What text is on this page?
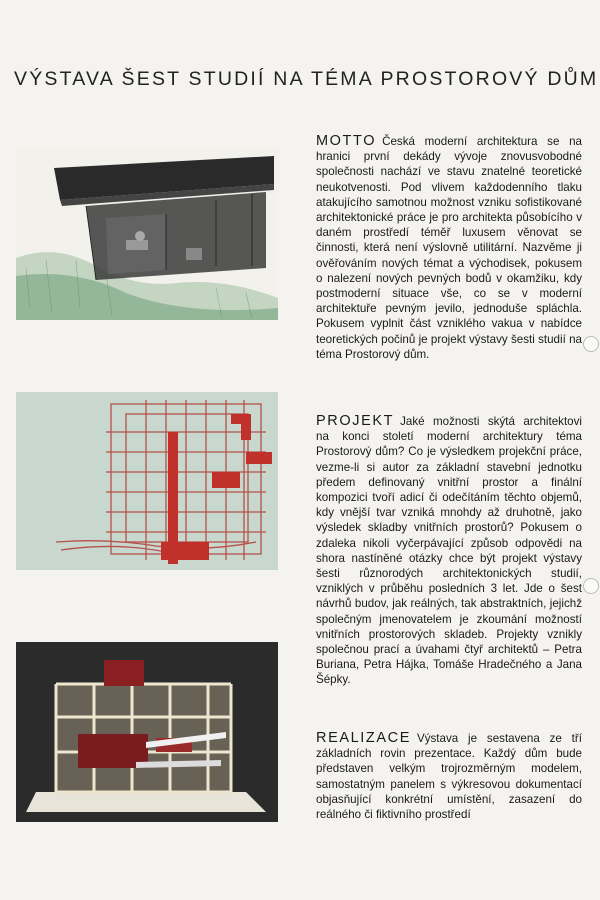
VÝSTAVA ŠEST STUDIÍ NA TÉMA PROSTOROVÝ DŮM
MOTTO Česká moderní architektura se na hranici první dekády vývoje znovusvobodné společnosti nachází ve stavu znatelné teoretické neukotvenosti. Pod vlivem každodenního tlaku atakujícího samotnou možnost vzniku sofistikované architektonické práce je pro architekta působícího v daném prostředí téměř luxusem věnovat se činnosti, která není výslovně utilitární. Nazvěme ji ověřováním nových témat a východisek, pokusem o nalezení nových pevných bodů v okamžiku, kdy postmoderní situace vše, co se v moderní architektuře pevným jevilo, jednoduše spláchla. Pokusem vyplnit část vzniklého vakua v nabídce teoretických počinů je projekt výstavy šesti studií na téma Prostorový dům.
PROJEKT Jaké možnosti skýtá architektovi na konci století moderní architektury téma Prostorový dům? Co je výsledkem projekční práce, vezme-li si autor za základní stavební jednotku předem definovaný vnitřní prostor a finální kompozici tvoří adicí či odečítáním těchto objemů, kdy vnější tvar vzniká mnohdy až druhotně, jako výsledek skladby vnitřních prostorů? Pokusem o zdaleka nikoli vyčerpávající způsob odpovědi na shora nastíněné otázky chce být projekt výstavy šesti různorodých architektonických studií, vzniklých v průběhu posledních 3 let. Jde o šest návrhů budov, jak reálných, tak abstraktních, jejichž společným jmenovatelem je zkoumání možností vnitřních prostorových skladeb. Projekty vznikly společnou prací a úvahami čtyř architektů – Petra Buriana, Petra Hájka, Tomáše Hradečného a Jana Šépky.
REALIZACE Výstava je sestavena ze tří základních rovin prezentace. Každý dům bude představen velkým trojrozměrným modelem, samostatným panelem s výkresovou dokumentací objasňující konkrétní umístění, zasazení do reálného či fiktivního prostředí
